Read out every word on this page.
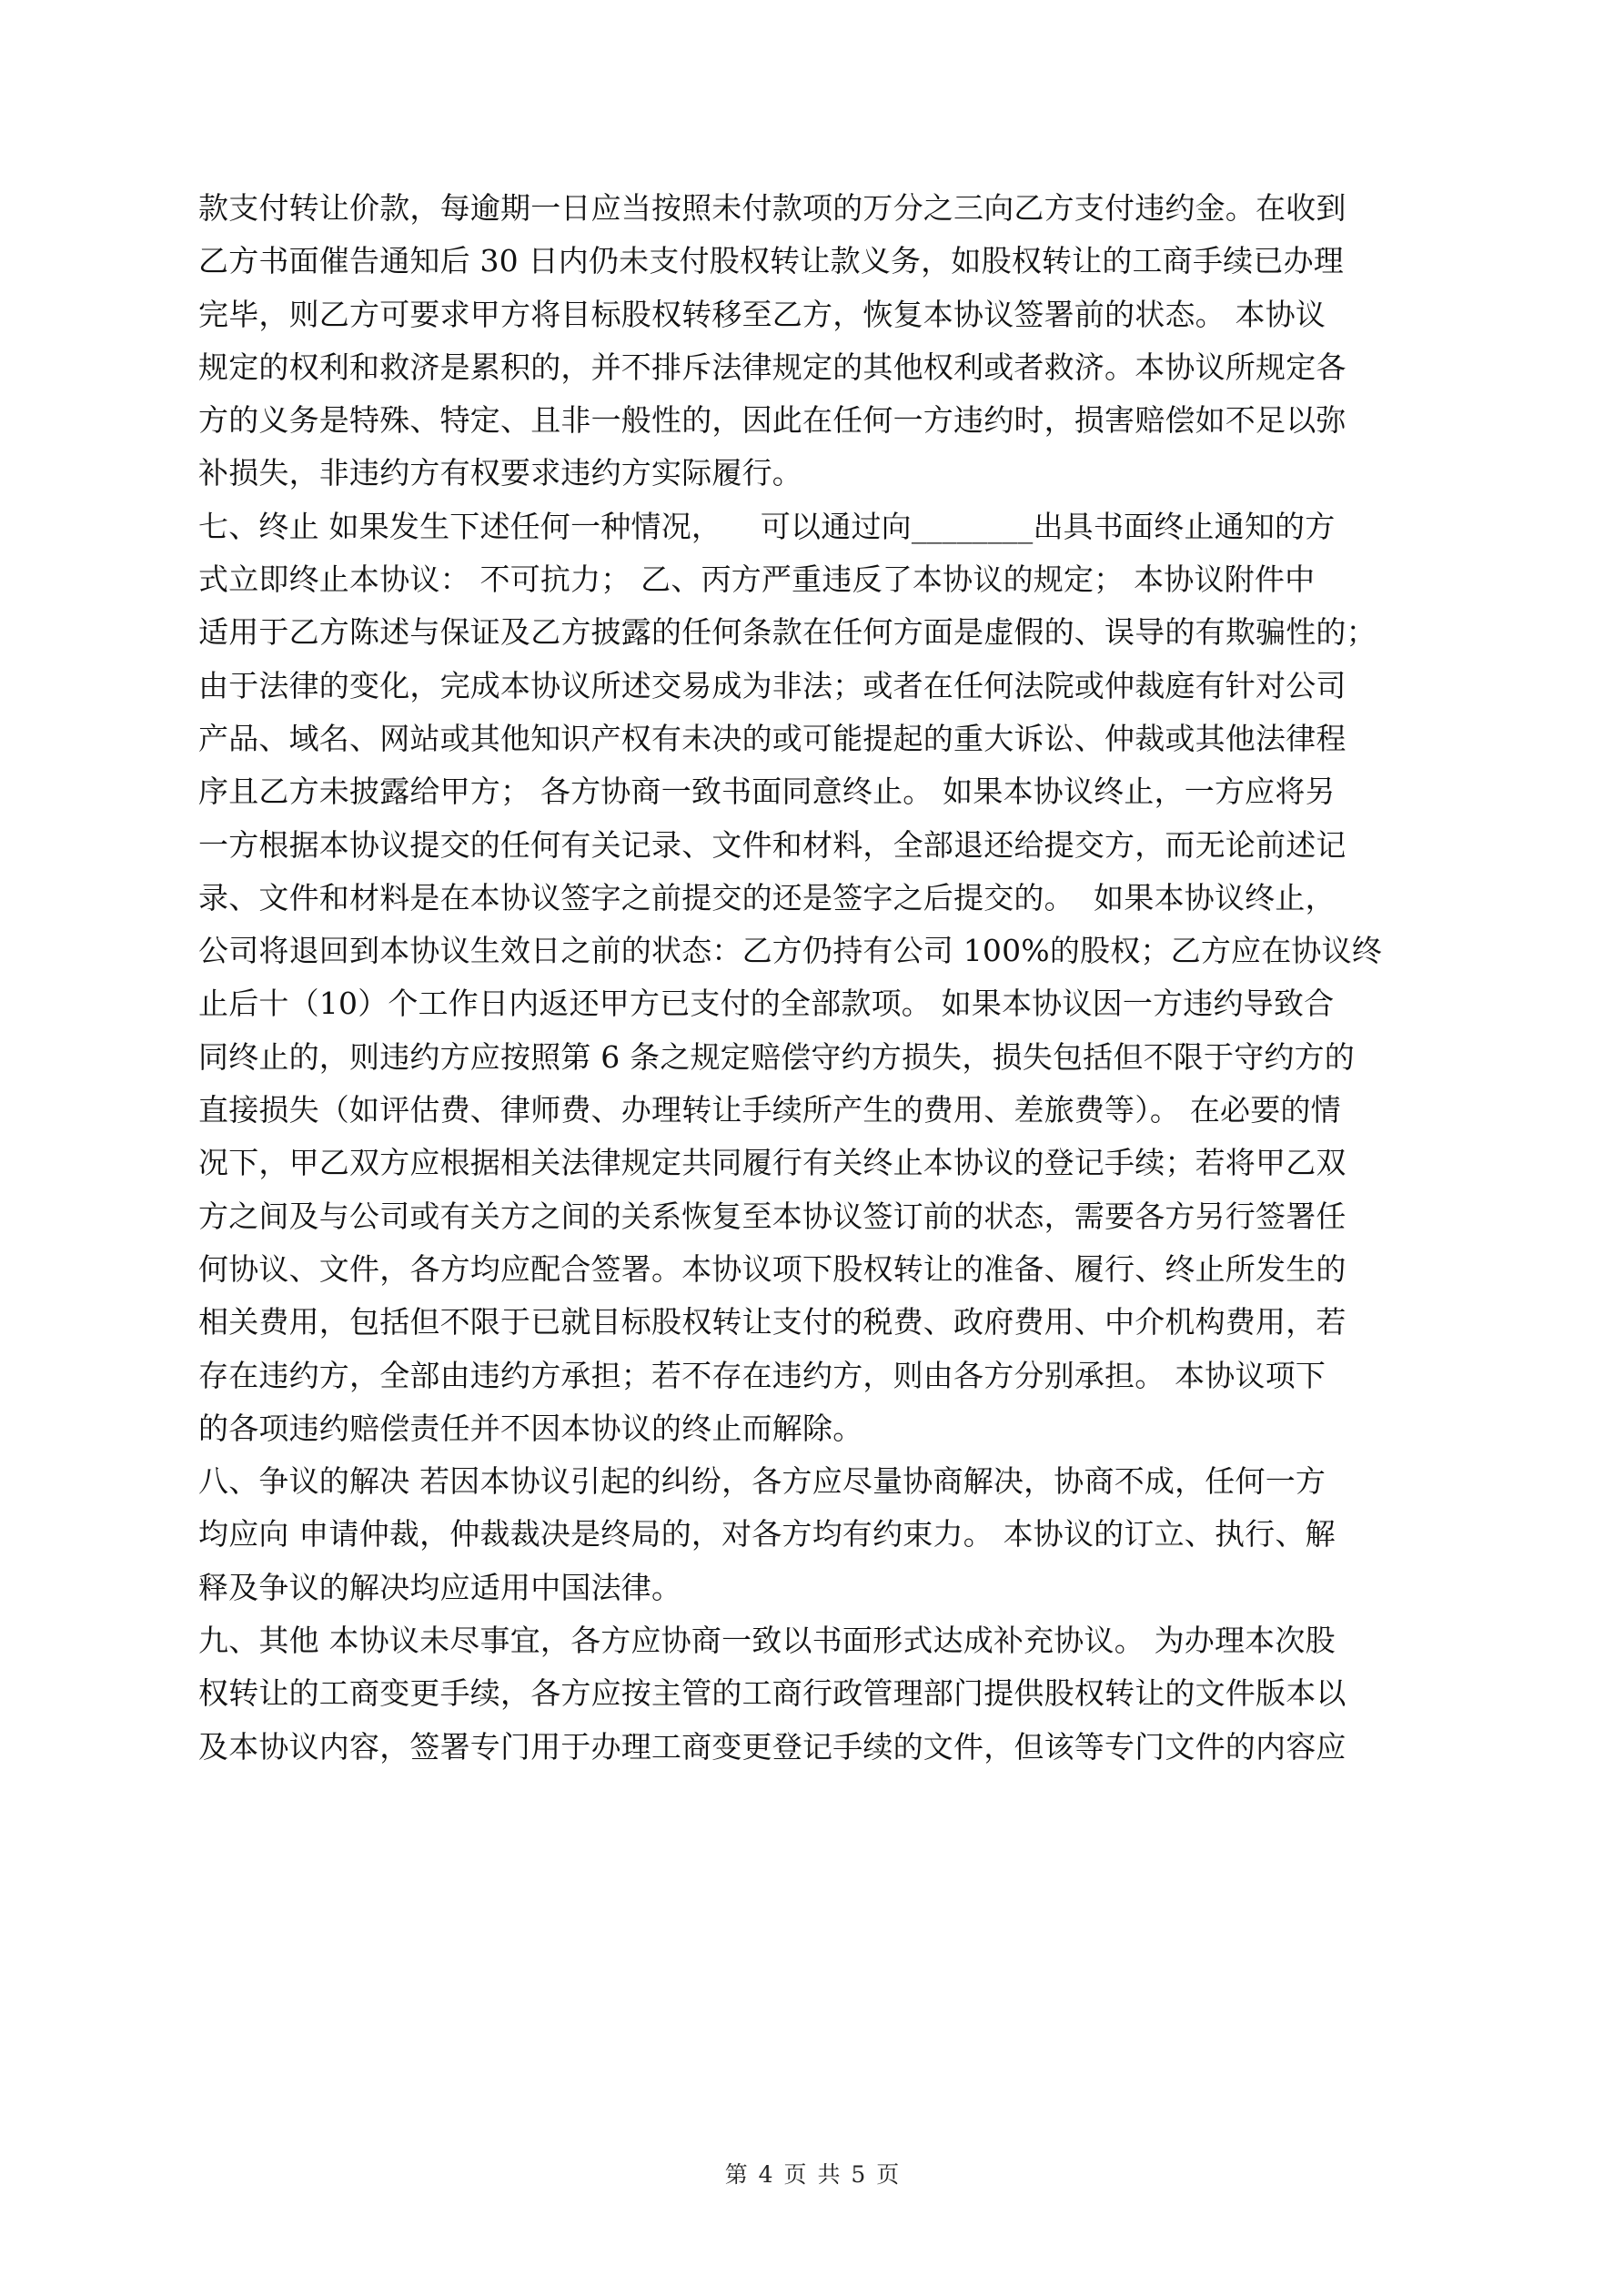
款支付转让价款，每逾期一日应当按照未付款项的万分之三向乙方支付违约金。在收到
乙方书面催告通知后 30 日内仍未支付股权转让款义务，如股权转让的工商手续已办理
完毕，则乙方可要求甲方将目标股权转移至乙方，恢复本协议签署前的状态。 本协议
规定的权利和救济是累积的，并不排斥法律规定的其他权利或者救济。本协议所规定各
方的义务是特殊、特定、且非一般性的，因此在任何一方违约时，损害赔偿如不足以弥
补损失，非违约方有权要求违约方实际履行。
七、终止 如果发生下述任何一种情况，    可以通过向________出具书面终止通知的方
式立即终止本协议： 不可抗力； 乙、丙方严重违反了本协议的规定； 本协议附件中
适用于乙方陈述与保证及乙方披露的任何条款在任何方面是虚假的、误导的有欺骗性的；
由于法律的变化，完成本协议所述交易成为非法；或者在任何法院或仲裁庭有针对公司
产品、域名、网站或其他知识产权有未决的或可能提起的重大诉讼、仲裁或其他法律程
序且乙方未披露给甲方； 各方协商一致书面同意终止。 如果本协议终止，一方应将另
一方根据本协议提交的任何有关记录、文件和材料，全部退还给提交方，而无论前述记
录、文件和材料是在本协议签字之前提交的还是签字之后提交的。  如果本协议终止，
公司将退回到本协议生效日之前的状态：乙方仍持有公司 100%的股权；乙方应在协议终
止后十（10）个工作日内返还甲方已支付的全部款项。 如果本协议因一方违约导致合
同终止的，则违约方应按照第 6 条之规定赔偿守约方损失，损失包括但不限于守约方的
直接损失（如评估费、律师费、办理转让手续所产生的费用、差旅费等）。 在必要的情
况下，甲乙双方应根据相关法律规定共同履行有关终止本协议的登记手续；若将甲乙双
方之间及与公司或有关方之间的关系恢复至本协议签订前的状态，需要各方另行签署任
何协议、文件，各方均应配合签署。本协议项下股权转让的准备、履行、终止所发生的
相关费用，包括但不限于已就目标股权转让支付的税费、政府费用、中介机构费用，若
存在违约方，全部由违约方承担；若不存在违约方，则由各方分别承担。 本协议项下
的各项违约赔偿责任并不因本协议的终止而解除。
八、争议的解决 若因本协议引起的纠纷，各方应尽量协商解决，协商不成，任何一方
均应向 申请仲裁，仲裁裁决是终局的，对各方均有约束力。 本协议的订立、执行、解
释及争议的解决均应适用中国法律。
九、其他 本协议未尽事宜，各方应协商一致以书面形式达成补充协议。 为办理本次股
权转让的工商变更手续，各方应按主管的工商行政管理部门提供股权转让的文件版本以
及本协议内容，签署专门用于办理工商变更登记手续的文件，但该等专门文件的内容应
第 4 页 共 5 页
